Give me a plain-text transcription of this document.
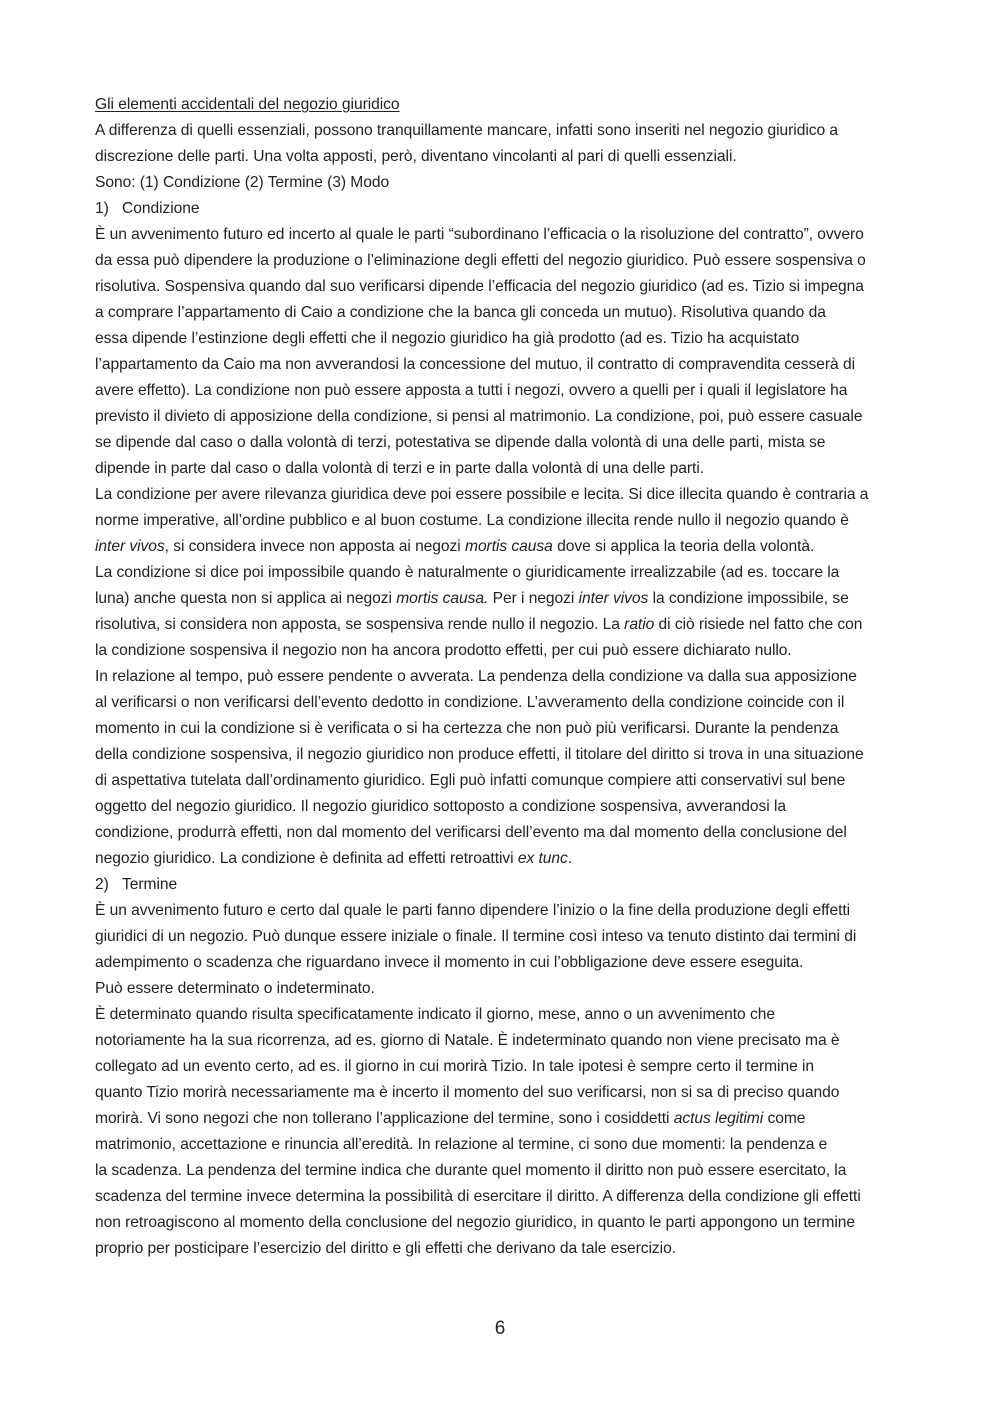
Gli elementi accidentali del negozio giuridico
A differenza di quelli essenziali, possono tranquillamente mancare, infatti sono inseriti nel negozio giuridico a
discrezione delle parti. Una volta apposti, però, diventano vincolanti al pari di quelli essenziali.
Sono: (1) Condizione (2) Termine (3) Modo
1) Condizione
È un avvenimento futuro ed incerto al quale le parti “subordinano l’efficacia o la risoluzione del contratto”, ovvero
da essa può dipendere la produzione o l’eliminazione degli effetti del negozio giuridico. Può essere sospensiva o
risolutiva. Sospensiva quando dal suo verificarsi dipende l’efficacia del negozio giuridico (ad es. Tizio si impegna
a comprare l’appartamento di Caio a condizione che la banca gli conceda un mutuo). Risolutiva quando da
essa dipende l’estinzione degli effetti che il negozio giuridico ha già prodotto (ad es. Tizio ha acquistato
l’appartamento da Caio ma non avverandosi la concessione del mutuo, il contratto di compravendita cesserà di
avere effetto). La condizione non può essere apposta a tutti i negozi, ovvero a quelli per i quali il legislatore ha
previsto il divieto di apposizione della condizione, si pensi al matrimonio. La condizione, poi, può essere casuale
se dipende dal caso o dalla volontà di terzi, potestativa se dipende dalla volontà di una delle parti, mista se
dipende in parte dal caso o dalla volontà di terzi e in parte dalla volontà di una delle parti.
La condizione per avere rilevanza giuridica deve poi essere possibile e lecita. Si dice illecita quando è contraria a
norme imperative, all’ordine pubblico e al buon costume. La condizione illecita rende nullo il negozio quando è
inter vivos, si considera invece non apposta ai negozi mortis causa dove si applica la teoria della volontà.
La condizione si dice poi impossibile quando è naturalmente o giuridicamente irrealizzabile (ad es. toccare la
luna) anche questa non si applica ai negozi mortis causa. Per i negozi inter vivos la condizione impossibile, se
risolutiva, si considera non apposta, se sospensiva rende nullo il negozio. La ratio di ciò risiede nel fatto che con
la condizione sospensiva il negozio non ha ancora prodotto effetti, per cui può essere dichiarato nullo.
In relazione al tempo, può essere pendente o avverata. La pendenza della condizione va dalla sua apposizione
al verificarsi o non verificarsi dell’evento dedotto in condizione. L’avveramento della condizione coincide con il
momento in cui la condizione si è verificata o si ha certezza che non può più verificarsi. Durante la pendenza
della condizione sospensiva, il negozio giuridico non produce effetti, il titolare del diritto si trova in una situazione
di aspettativa tutelata dall’ordinamento giuridico. Egli può infatti comunque compiere atti conservativi sul bene
oggetto del negozio giuridico. Il negozio giuridico sottoposto a condizione sospensiva, avverandosi la
condizione, produrrà effetti, non dal momento del verificarsi dell’evento ma dal momento della conclusione del
negozio giuridico. La condizione è definita ad effetti retroattivi ex tunc.
2) Termine
È un avvenimento futuro e certo dal quale le parti fanno dipendere l’inizio o la fine della produzione degli effetti
giuridici di un negozio. Può dunque essere iniziale o finale. Il termine così inteso va tenuto distinto dai termini di
adempimento o scadenza che riguardano invece il momento in cui l’obbligazione deve essere eseguita.
Può essere determinato o indeterminato.
È determinato quando risulta specificatamente indicato il giorno, mese, anno o un avvenimento che
notoriamente ha la sua ricorrenza, ad es. giorno di Natale. È indeterminato quando non viene precisato ma è
collegato ad un evento certo, ad es. il giorno in cui morirà Tizio. In tale ipotesi è sempre certo il termine in
quanto Tizio morirà necessariamente ma è incerto il momento del suo verificarsi, non si sa di preciso quando
morirà. Vi sono negozi che non tollerano l’applicazione del termine, sono i cosiddetti actus legitimi come
matrimonio, accettazione e rinuncia all’eredità. In relazione al termine, ci sono due momenti: la pendenza e
la scadenza. La pendenza del termine indica che durante quel momento il diritto non può essere esercitato, la
scadenza del termine invece determina la possibilità di esercitare il diritto. A differenza della condizione gli effetti
non retroagiscono al momento della conclusione del negozio giuridico, in quanto le parti appongono un termine
proprio per posticipare l’esercizio del diritto e gli effetti che derivano da tale esercizio.
6
